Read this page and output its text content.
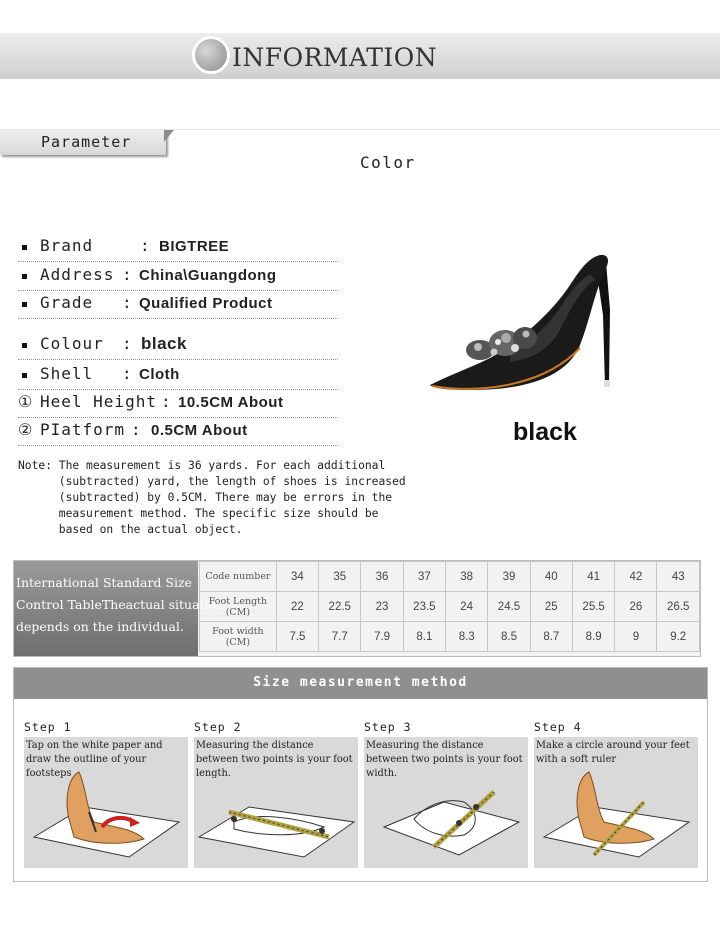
INFORMATION
Parameter
Color
Brand	: BIGTREE
Address : China\Guangdong
Grade : Qualified Product
Colour : black
Shell : Cloth
① Heel Height : 10.5CM About
② PIatform : 0.5CM About
Note: The measurement is 36 yards. For each additional
(subtracted) yard, the length of shoes is increased
(subtracted) by 0.5CM. There may be errors in the
measurement method. The specific size should be
based on the actual object.
black
International Standard Size
Control TableTheactual situation
depends on the individual.
Code number	34	35	36	37	38	39	40	41	42	43
Foot Length (CM)	22	22.5	23	23.5	24	24.5	25	25.5	26	26.5
Foot width (CM)	7.5	7.7	7.9	8.1	8.3	8.5	8.7	8.9	9	9.2
Size measurement method
Step 1
Tap on the white paper and draw the outline of your footsteps
Step 2
Measuring the distance between two points is your foot length.
Step 3
Measuring the distance between two points is your foot width.
Step 4
Make a circle around your feet with a soft ruler
